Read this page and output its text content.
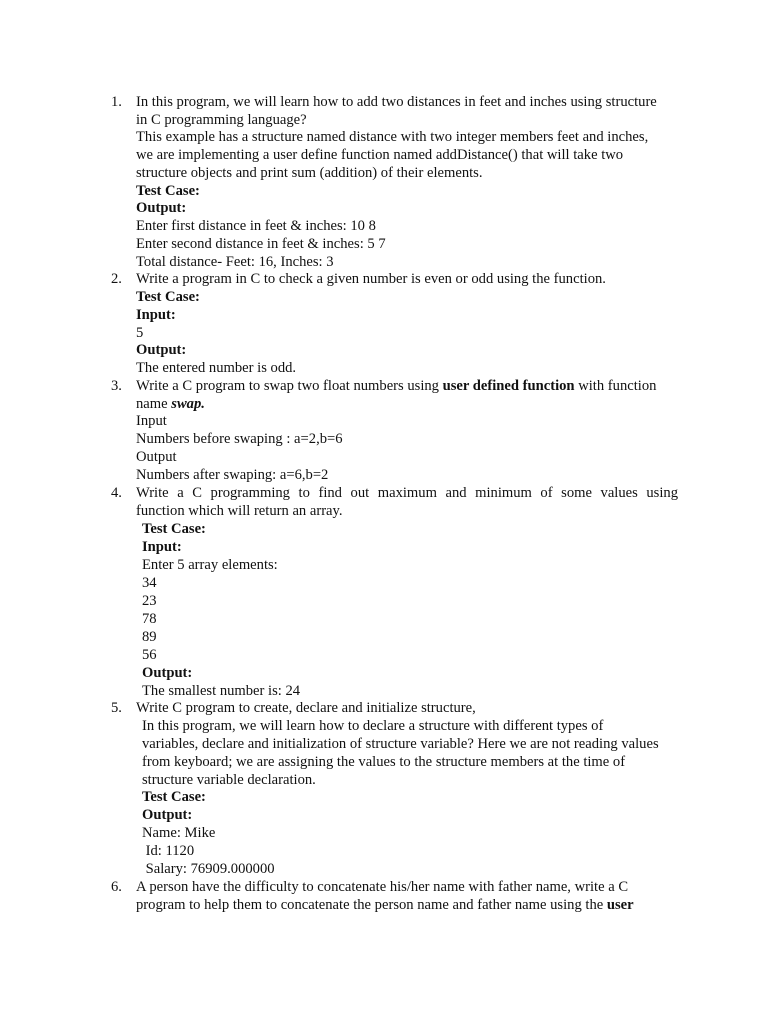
1. In this program, we will learn how to add two distances in feet and inches using structure
in C programming language?
This example has a structure named distance with two integer members feet and inches,
we are implementing a user define function named addDistance() that will take two
structure objects and print sum (addition) of their elements.
Test Case:
Output:
Enter first distance in feet & inches: 10 8
Enter second distance in feet & inches: 5 7
Total distance- Feet: 16, Inches: 3
2. Write a program in C to check a given number is even or odd using the function.
Test Case:
Input:
5
Output:
The entered number is odd.
3. Write a C program to swap two float numbers using user defined function with function
name swap.
Input
Numbers before swaping : a=2,b=6
Output
Numbers after swaping: a=6,b=2
4. Write a C programming to find out maximum and minimum of some values using
function which will return an array.
Test Case:
Input:
Enter 5 array elements:
34
23
78
89
56
Output:
The smallest number is: 24
5. Write C program to create, declare and initialize structure,
In this program, we will learn how to declare a structure with different types of
variables, declare and initialization of structure variable? Here we are not reading values
from keyboard; we are assigning the values to the structure members at the time of
structure variable declaration.
Test Case:
Output:
Name: Mike
Id: 1120
Salary: 76909.000000
6. A person have the difficulty to concatenate his/her name with father name, write a C
program to help them to concatenate the person name and father name using the user
